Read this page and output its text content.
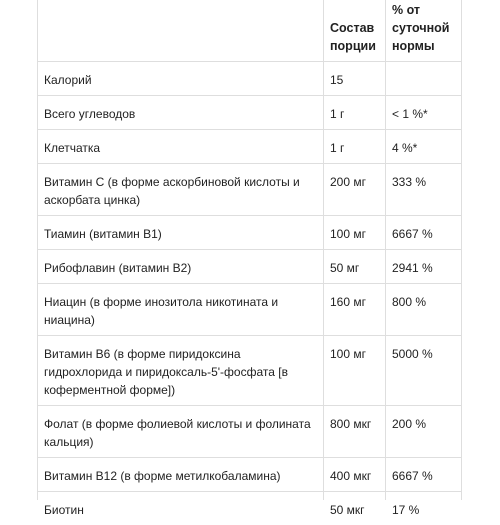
	Состав порции	% от суточной нормы
Калорий	15	
Всего углеводов	1 г	< 1 %*
Клетчатка	1 г	4 %*
Витамин C (в форме аскорбиновой кислоты и аскорбата цинка)	200 мг	333 %
Тиамин (витамин B1)	100 мг	6667 %
Рибофлавин (витамин B2)	50 мг	2941 %
Ниацин (в форме инозитола никотината и ниацина)	160 мг	800 %
Витамин B6 (в форме пиридоксина гидрохлорида и пиридоксаль-5'-фосфата [в коферментной форме])	100 мг	5000 %
Фолат (в форме фолиевой кислоты и фолината кальция)	800 мкг	200 %
Витамин B12 (в форме метилкобаламина)	400 мкг	6667 %
Биотин	50 мкг	17 %
